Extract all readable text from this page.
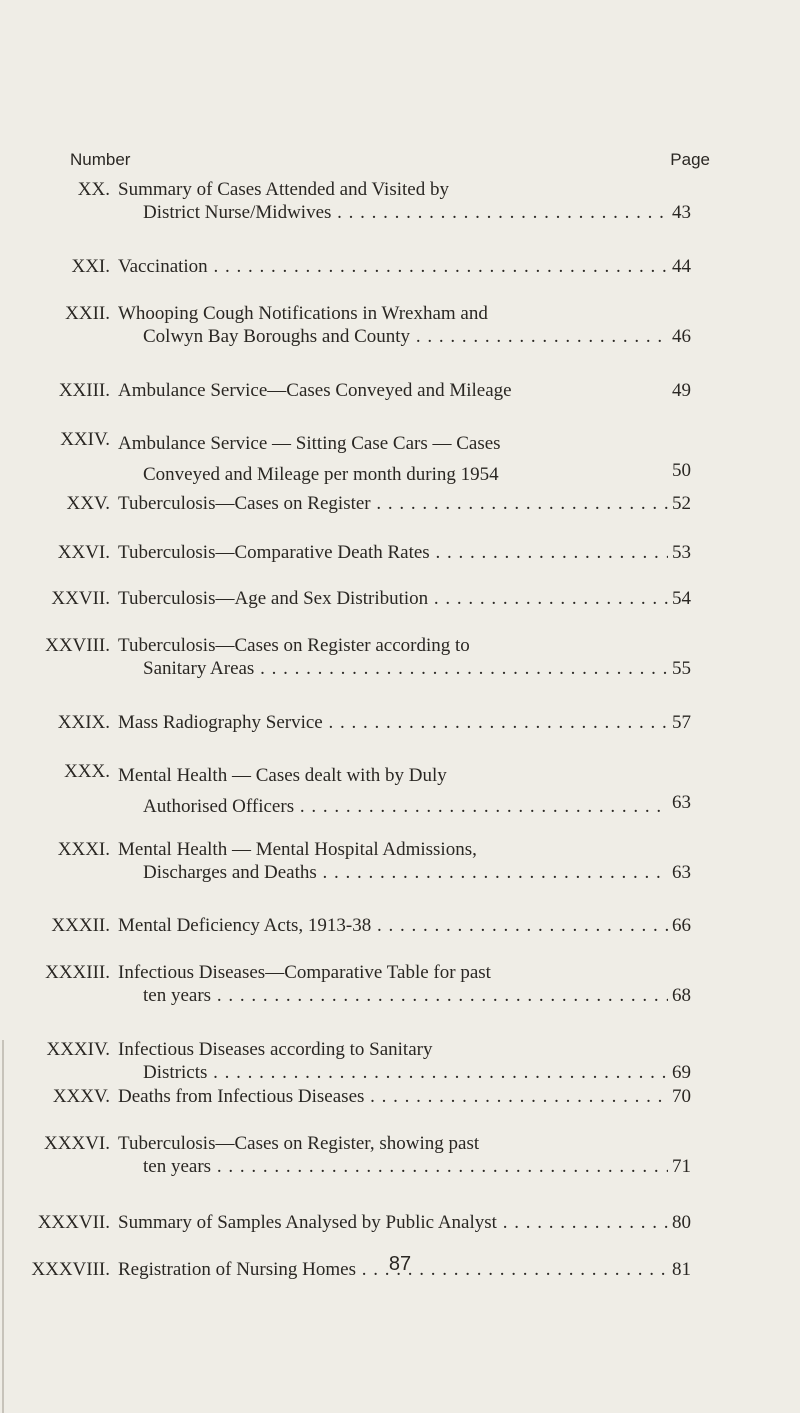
Number	Page
XX. Summary of Cases Attended and Visited by
District Nurse/Midwives . . .	43
XXI. Vaccination . . .	44
XXII. Whooping Cough Notifications in Wrexham and
Colwyn Bay Boroughs and County . . .	46
XXIII. Ambulance Service—Cases Conveyed and Mileage	49
XXIV. Ambulance Service — Sitting Case Cars — Cases
Conveyed and Mileage per month during 1954	50
XXV. Tuberculosis—Cases on Register . . .	52
XXVI. Tuberculosis—Comparative Death Rates . . .	53
XXVII. Tuberculosis—Age and Sex Distribution . . .	54
XXVIII. Tuberculosis—Cases on Register according to
Sanitary Areas . . .	55
XXIX. Mass Radiography Service . . .	57
XXX. Mental Health — Cases dealt with by Duly
Authorised Officers . . .	63
XXXI. Mental Health — Mental Hospital Admissions,
Discharges and Deaths . . .	63
XXXII. Mental Deficiency Acts, 1913-38 . . .	66
XXXIII. Infectious Diseases—Comparative Table for past
ten years . . .	68
XXXIV. Infectious Diseases according to Sanitary
Districts . . .	69
XXXV. Deaths from Infectious Diseases . . .	70
XXXVI. Tuberculosis—Cases on Register, showing past
ten years . . .	71
XXXVII. Summary of Samples Analysed by Public Analyst . . .	80
XXXVIII. Registration of Nursing Homes . . .	81
87
